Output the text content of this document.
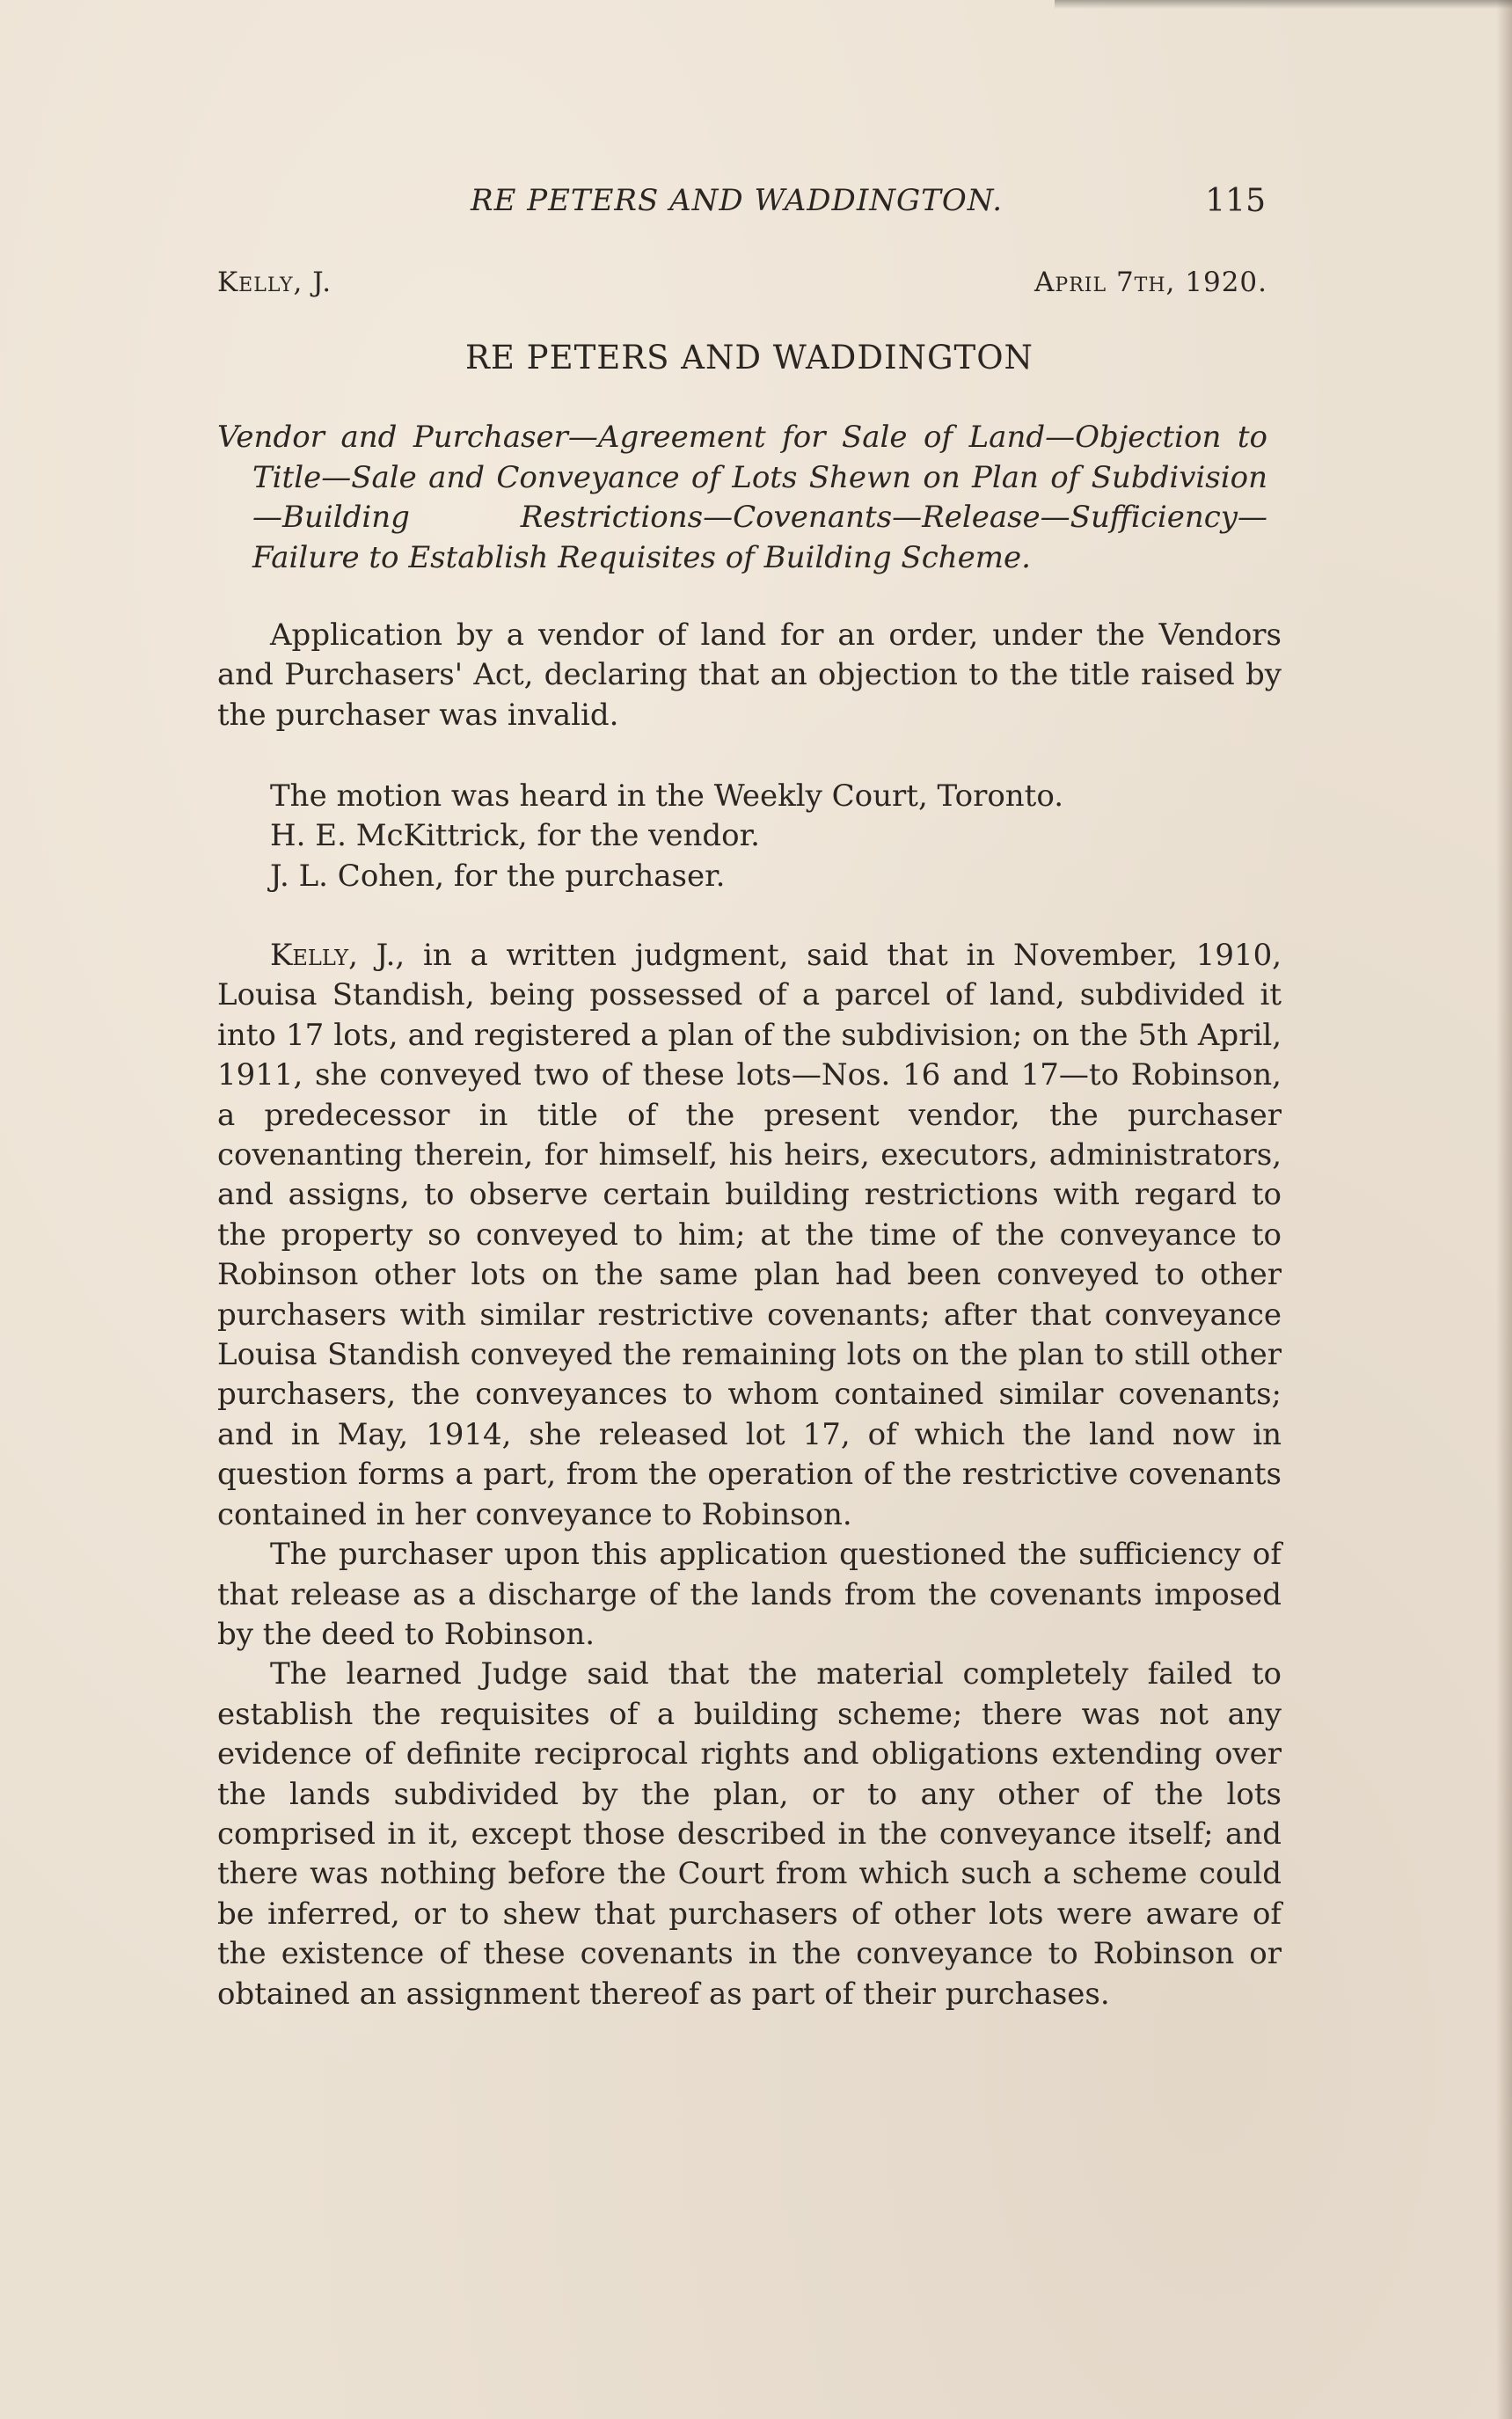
RE PETERS AND WADDINGTON.	115
Kelly, J.	April 7th, 1920.
RE PETERS AND WADDINGTON
Vendor and Purchaser—Agreement for Sale of Land—Objection to Title—Sale and Conveyance of Lots Shewn on Plan of Subdivision—Building Restrictions—Covenants—Release—Sufficiency—Failure to Establish Requisites of Building Scheme.

Application by a vendor of land for an order, under the Vendors and Purchasers' Act, declaring that an objection to the title raised by the purchaser was invalid.

The motion was heard in the Weekly Court, Toronto.

H. E. McKittrick, for the vendor.

J. L. Cohen, for the purchaser.

Kelly, J., in a written judgment, said that in November, 1910, Louisa Standish, being possessed of a parcel of land, subdivided it into 17 lots, and registered a plan of the subdivision; on the 5th April, 1911, she conveyed two of these lots—Nos. 16 and 17—to Robinson, a predecessor in title of the present vendor, the purchaser covenanting therein, for himself, his heirs, executors, administrators, and assigns, to observe certain building restrictions with regard to the property so conveyed to him; at the time of the conveyance to Robinson other lots on the same plan had been conveyed to other purchasers with similar restrictive covenants; after that conveyance Louisa Standish conveyed the remaining lots on the plan to still other purchasers, the conveyances to whom contained similar covenants; and in May, 1914, she released lot 17, of which the land now in question forms a part, from the operation of the restrictive covenants contained in her conveyance to Robinson.

The purchaser upon this application questioned the sufficiency of that release as a discharge of the lands from the covenants imposed by the deed to Robinson.

The learned Judge said that the material completely failed to establish the requisites of a building scheme; there was not any evidence of definite reciprocal rights and obligations extending over the lands subdivided by the plan, or to any other of the lots comprised in it, except those described in the conveyance itself; and there was nothing before the Court from which such a scheme could be inferred, or to shew that purchasers of other lots were aware of the existence of these covenants in the conveyance to Robinson or obtained an assignment thereof as part of their purchases.
